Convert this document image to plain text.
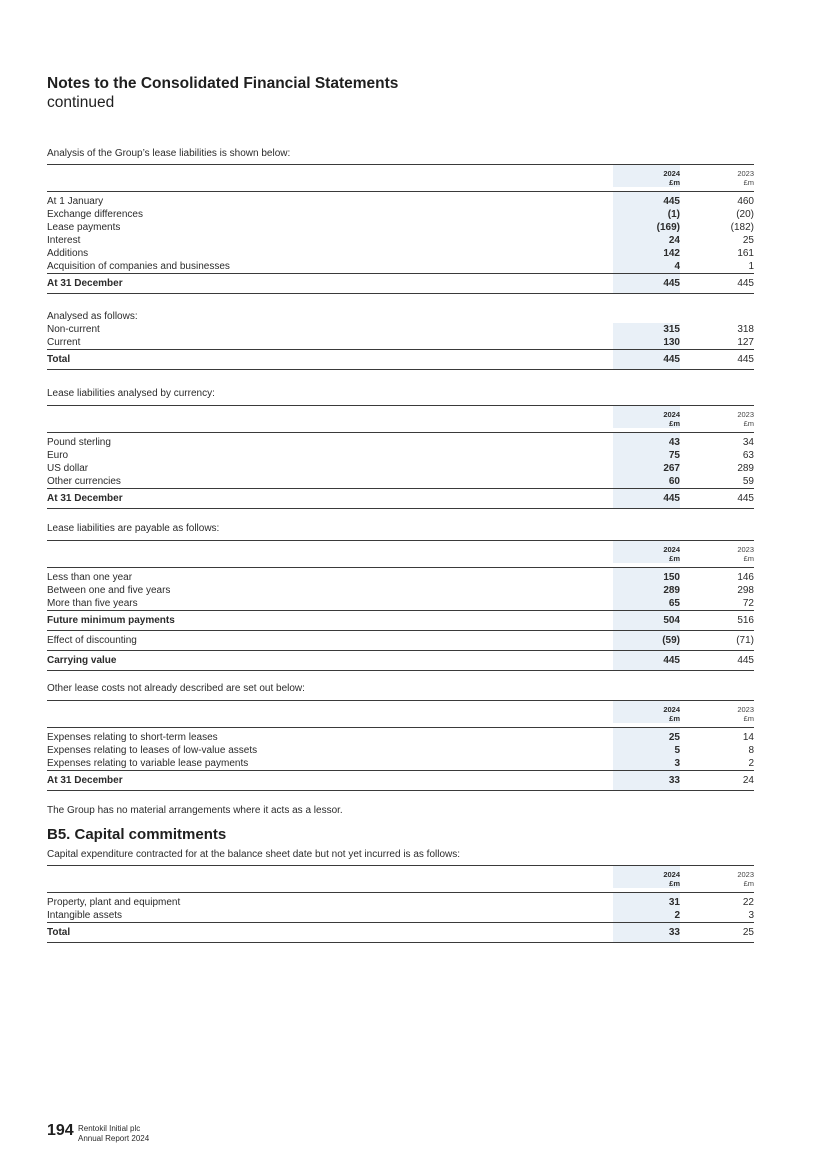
Notes to the Consolidated Financial Statements
continued
Analysis of the Group’s lease liabilities is shown below:
2024
£m
2023
£m
At 1 January	445	460
Exchange differences	(1)	(20)
Lease payments	(169)	(182)
Interest	24	25
Additions	142	161
Acquisition of companies and businesses	4	1
At 31 December	445	445
Analysed as follows:
Non-current	315	318
Current	130	127
Total	445	445
Lease liabilities analysed by currency:
2024
£m
2023
£m
Pound sterling	43	34
Euro	75	63
US dollar	267	289
Other currencies	60	59
At 31 December	445	445
Lease liabilities are payable as follows:
2024
£m
2023
£m
Less than one year	150	146
Between one and five years	289	298
More than five years	65	72
Future minimum payments	504	516
Effect of discounting	(59)	(71)
Carrying value	445	445
Other lease costs not already described are set out below:
2024
£m
2023
£m
Expenses relating to short-term leases	25	14
Expenses relating to leases of low-value assets	5	8
Expenses relating to variable lease payments	3	2
At 31 December	33	24
The Group has no material arrangements where it acts as a lessor.
B5. Capital commitments
Capital expenditure contracted for at the balance sheet date but not yet incurred is as follows:
2024
£m
2023
£m
Property, plant and equipment	31	22
Intangible assets	2	3
Total	33	25
194 Rentokil Initial plc
Annual Report 2024
